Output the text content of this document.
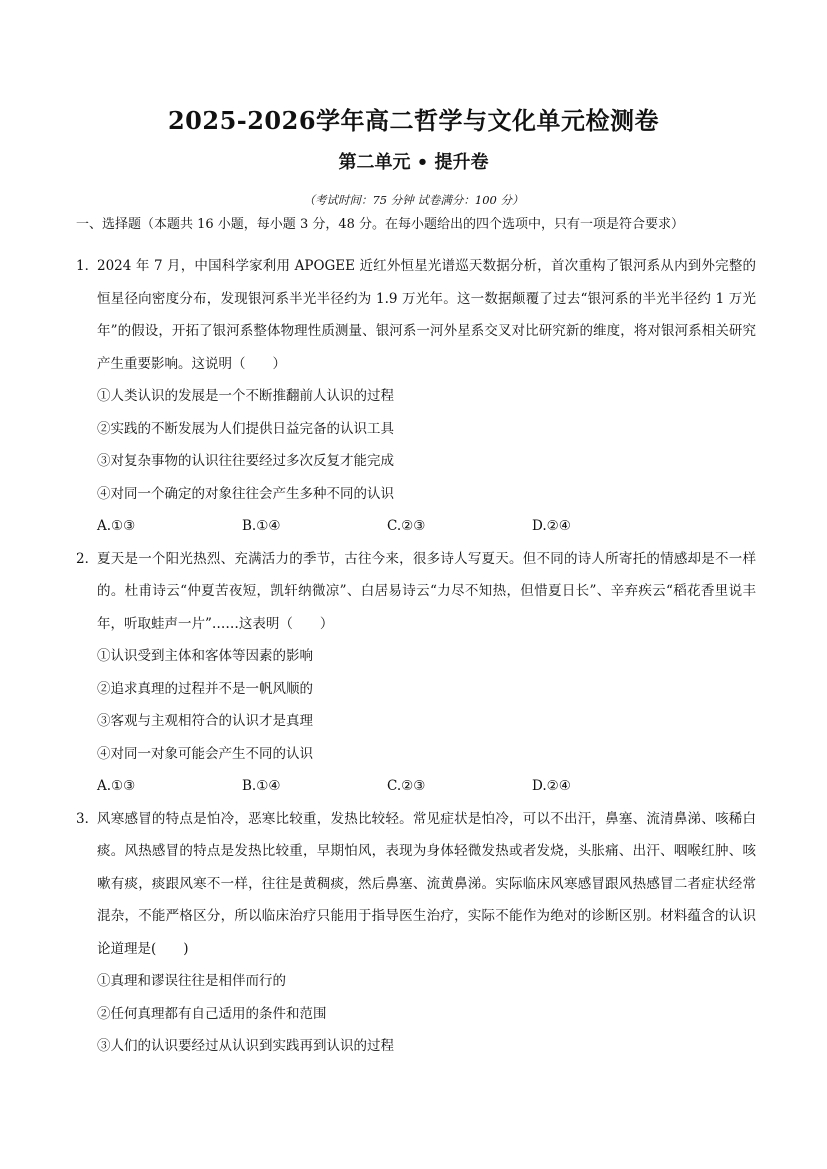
2025-2026学年高二哲学与文化单元检测卷
第二单元 • 提升卷
（考试时间：75 分钟 试卷满分：100 分）
一、选择题（本题共 16 小题，每小题 3 分，48 分。在每小题给出的四个选项中，只有一项是符合要求）
1．
2024 年 7 月，中国科学家利用 APOGEE 近红外恒星光谱巡天数据分析，首次重构了银河系从内到外完整的恒星径向密度分布，发现银河系半光半径约为 1.9 万光年。这一数据颠覆了过去“银河系的半光半径约 1 万光年”的假设，开拓了银河系整体物理性质测量、银河系一河外星系交叉对比研究新的维度，将对银河系相关研究产生重要影响。这说明（　　）
①人类认识的发展是一个不断推翻前人认识的过程
②实践的不断发展为人们提供日益完备的认识工具
③对复杂事物的认识往往要经过多次反复才能完成
④对同一个确定的对象往往会产生多种不同的认识
A.①③	B.①④	C.②③	D.②④
2．
夏天是一个阳光热烈、充满活力的季节，古往今来，很多诗人写夏天。但不同的诗人所寄托的情感却是不一样的。杜甫诗云“仲夏苦夜短，凯轩纳微凉”、白居易诗云“力尽不知热，但惜夏日长”、辛弃疾云“稻花香里说丰年，听取蛙声一片”……这表明（　　）
①认识受到主体和客体等因素的影响
②追求真理的过程并不是一帆风顺的
③客观与主观相符合的认识才是真理
④对同一对象可能会产生不同的认识
A.①③	B.①④	C.②③	D.②④
3．
风寒感冒的特点是怕冷，恶寒比较重，发热比较轻。常见症状是怕冷，可以不出汗，鼻塞、流清鼻涕、咳稀白痰。风热感冒的特点是发热比较重，早期怕风，表现为身体轻微发热或者发烧，头胀痛、出汗、咽喉红肿、咳嗽有痰，痰跟风寒不一样，往往是黄稠痰，然后鼻塞、流黄鼻涕。实际临床风寒感冒跟风热感冒二者症状经常混杂，不能严格区分，所以临床治疗只能用于指导医生治疗，实际不能作为绝对的诊断区别。材料蕴含的认识论道理是(　　)
①真理和谬误往往是相伴而行的
②任何真理都有自己适用的条件和范围
③人们的认识要经过从认识到实践再到认识的过程
